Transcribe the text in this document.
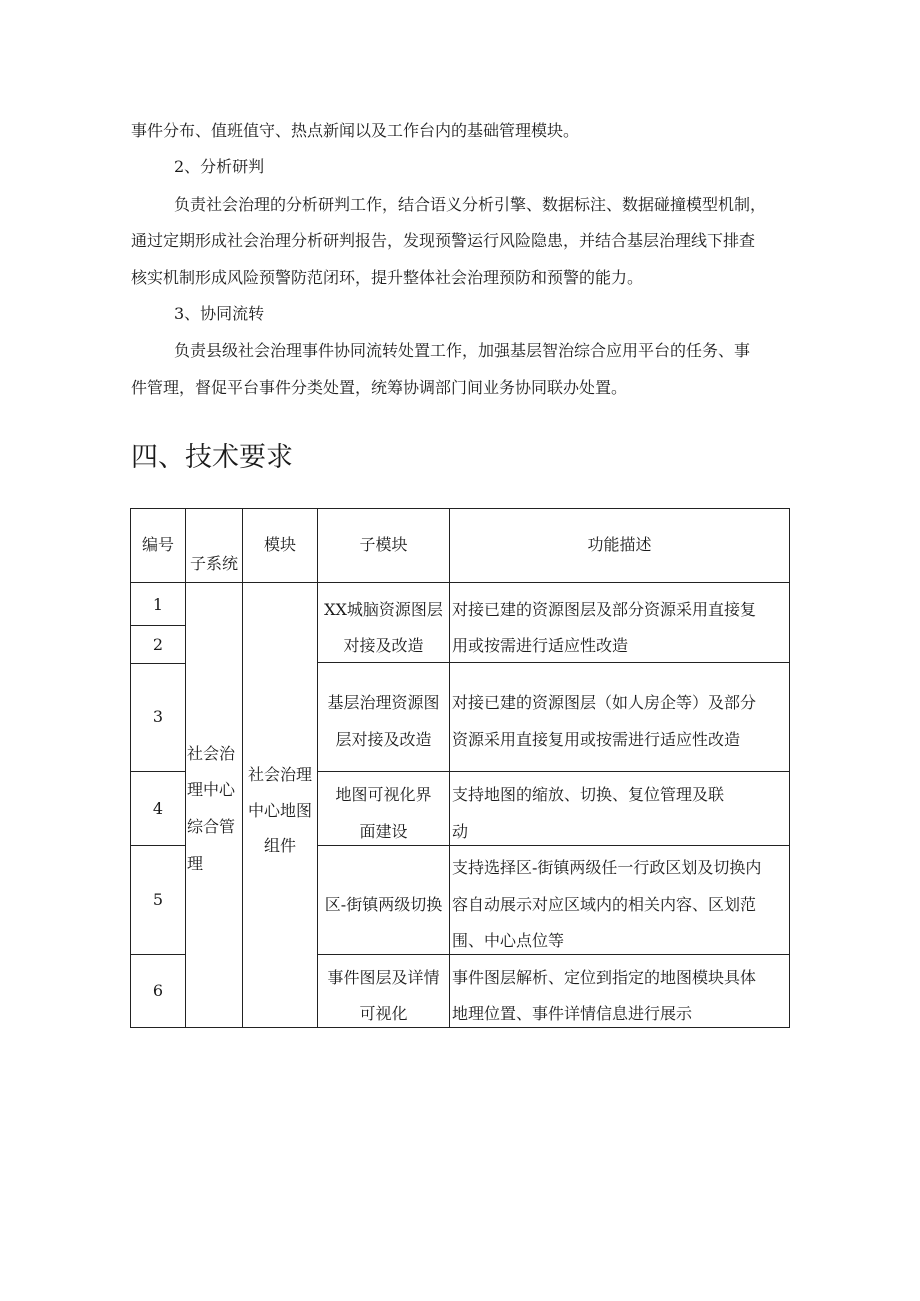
事件分布、值班值守、热点新闻以及工作台内的基础管理模块。
2、分析研判
负责社会治理的分析研判工作，结合语义分析引擎、数据标注、数据碰撞模型机制，
通过定期形成社会治理分析研判报告，发现预警运行风险隐患，并结合基层治理线下排查
核实机制形成风险预警防范闭环，提升整体社会治理预防和预警的能力。
3、协同流转
负责县级社会治理事件协同流转处置工作，加强基层智治综合应用平台的任务、事
件管理，督促平台事件分类处置，统筹协调部门间业务协同联办处置。
四、技术要求
编号
子系统
模块	子模块	功能描述
1
2
3
4
5
6
社会治
理中心
综合管
理
社会治理
中心地图
组件
XX城脑资源图层
对接及改造
基层治理资源图
层对接及改造
地图可视化界
面建设
区-街镇两级切换
事件图层及详情
可视化
对接已建的资源图层及部分资源采用直接复
用或按需进行适应性改造
对接已建的资源图层（如人房企等）及部分
资源采用直接复用或按需进行适应性改造
支持地图的缩放、切换、复位管理及联
动
支持选择区-街镇两级任一行政区划及切换内
容自动展示对应区域内的相关内容、区划范
围、中心点位等
事件图层解析、定位到指定的地图模块具体
地理位置、事件详情信息进行展示
